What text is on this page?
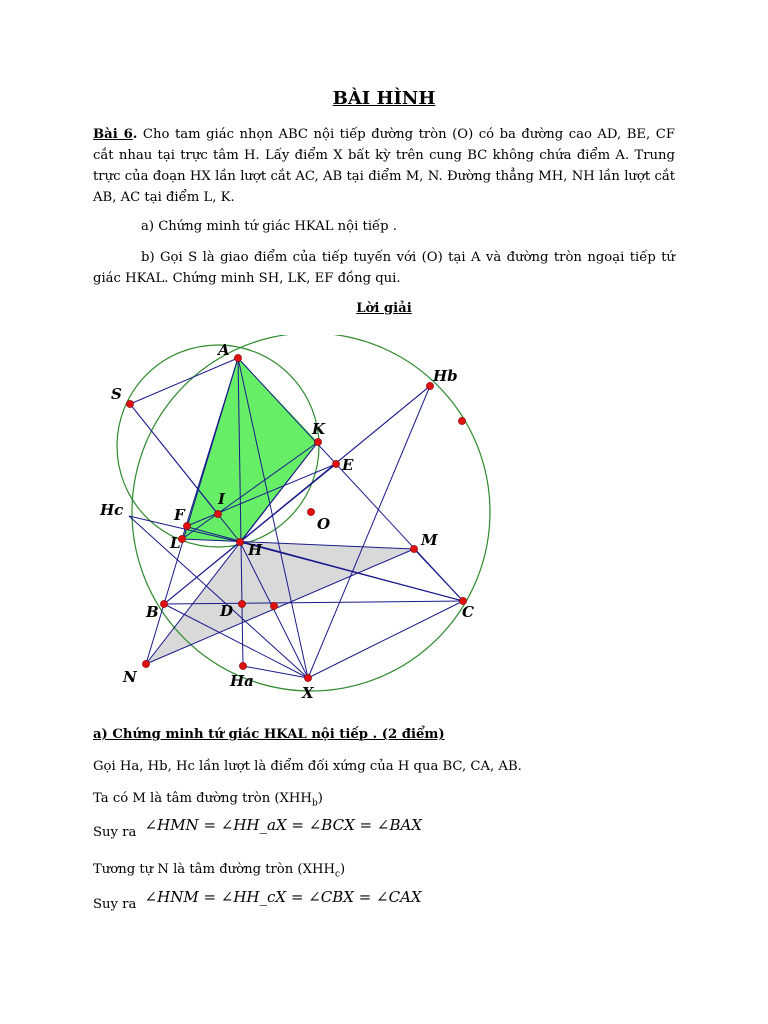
BÀI HÌNH
Bài 6. Cho tam giác nhọn ABC nội tiếp đường tròn (O) có ba đường cao AD, BE, CF cắt nhau tại trực tâm H. Lấy điểm X bất kỳ trên cung BC không chứa điểm A. Trung trực của đoạn HX lần lượt cắt AC, AB tại điểm M, N. Đường thẳng MH, NH lần lượt cắt AB, AC tại điểm L, K.
a) Chứng minh tứ giác HKAL nội tiếp .
b) Gọi S là giao điểm của tiếp tuyến với (O) tại A và đường tròn ngoại tiếp tứ giác HKAL. Chứng minh SH, LK, EF đồng qui.
Lời giải
A
S
Hb
K
E
Hc	F
I
O
L	H
M
B	D	C
N	Ha
X
a) Chứng minh tứ giác HKAL nội tiếp . (2 điểm)
Gọi Ha, Hb, Hc lần lượt là điểm đối xứng của H qua BC, CA, AB.
Ta có M là tâm đường tròn $(XHH_b)$
Suy ra ∠HMN = ∠HH_aX = ∠BCX = ∠BAX
Tương tự N là tâm đường tròn $(XHH_c)$
Suy ra ∠HNM = ∠HH_cX = ∠CBX = ∠CAX
